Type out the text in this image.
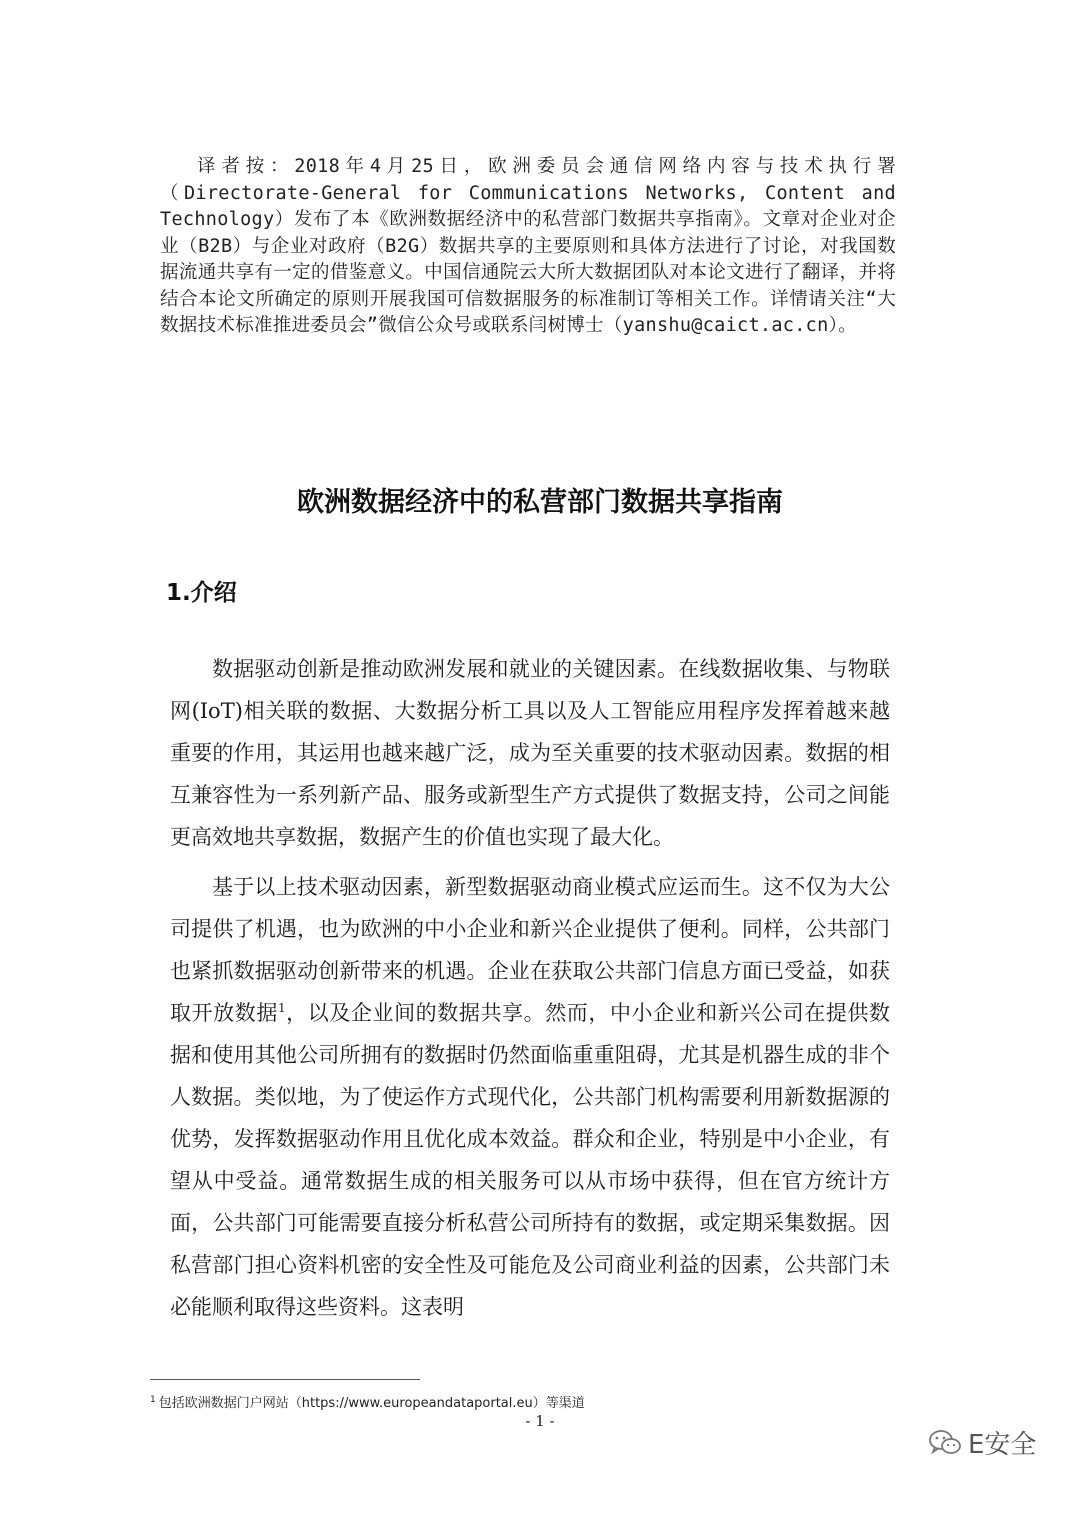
译者按：2018年4月25日，欧洲委员会通信网络内容与技术执行署（Directorate-General for Communications Networks, Content and Technology）发布了本《欧洲数据经济中的私营部门数据共享指南》。文章对企业对企业（B2B）与企业对政府（B2G）数据共享的主要原则和具体方法进行了讨论，对我国数据流通共享有一定的借鉴意义。中国信通院云大所大数据团队对本论文进行了翻译，并将结合本论文所确定的原则开展我国可信数据服务的标准制订等相关工作。详情请关注“大数据技术标准推进委员会”微信公众号或联系闫树博士（yanshu@caict.ac.cn）。
欧洲数据经济中的私营部门数据共享指南
1.介绍
数据驱动创新是推动欧洲发展和就业的关键因素。在线数据收集、与物联网(IoT)相关联的数据、大数据分析工具以及人工智能应用程序发挥着越来越重要的作用，其运用也越来越广泛，成为至关重要的技术驱动因素。数据的相互兼容性为一系列新产品、服务或新型生产方式提供了数据支持，公司之间能更高效地共享数据，数据产生的价值也实现了最大化。
基于以上技术驱动因素，新型数据驱动商业模式应运而生。这不仅为大公司提供了机遇，也为欧洲的中小企业和新兴企业提供了便利。同样，公共部门也紧抓数据驱动创新带来的机遇。企业在获取公共部门信息方面已受益，如获取开放数据$^1$，以及企业间的数据共享。然而，中小企业和新兴公司在提供数据和使用其他公司所拥有的数据时仍然面临重重阻碍，尤其是机器生成的非个人数据。类似地，为了使运作方式现代化，公共部门机构需要利用新数据源的优势，发挥数据驱动作用且优化成本效益。群众和企业，特别是中小企业，有望从中受益。通常数据生成的相关服务可以从市场中获得，但在官方统计方面，公共部门可能需要直接分析私营公司所持有的数据，或定期采集数据。因私营部门担心资料机密的安全性及可能危及公司商业利益的因素，公共部门未必能顺利取得这些资料。这表明
$^1$ 包括欧洲数据门户网站（https://www.europeandataportal.eu）等渠道
- 1 -
E安全
